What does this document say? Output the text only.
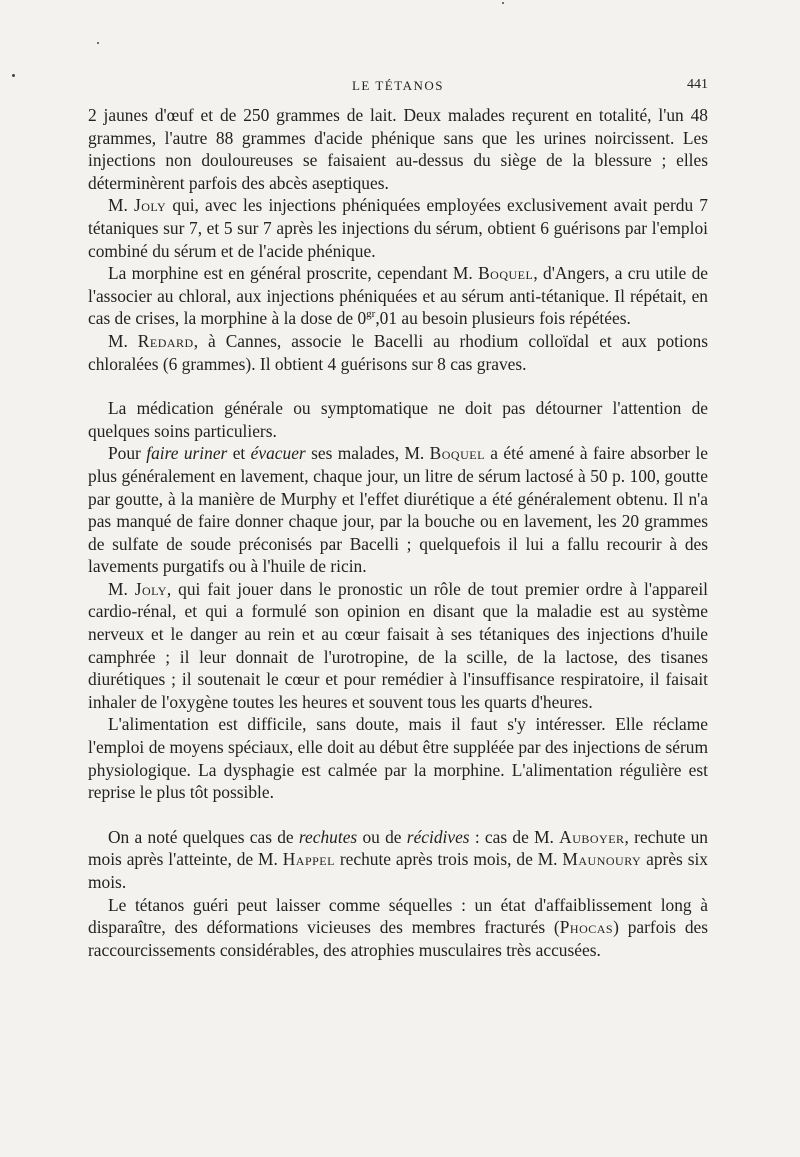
LE TÉTANOS	441

2 jaunes d'œuf et de 250 grammes de lait. Deux malades reçurent en totalité, l'un 48 grammes, l'autre 88 grammes d'acide phénique sans que les urines noircissent. Les injections non douloureuses se faisaient au-dessus du siège de la blessure ; elles déterminèrent parfois des abcès aseptiques.

M. Joly qui, avec les injections phéniquées employées exclusivement avait perdu 7 tétaniques sur 7, et 5 sur 7 après les injections du sérum, obtient 6 guérisons par l'emploi combiné du sérum et de l'acide phénique.

La morphine est en général proscrite, cependant M. Boquel, d'Angers, a cru utile de l'associer au chloral, aux injections phéniquées et au sérum anti-tétanique. Il répétait, en cas de crises, la morphine à la dose de $0^{gr},01$ au besoin plusieurs fois répétées.

M. Redard, à Cannes, associe le Bacelli au rhodium colloïdal et aux potions chloralées (6 grammes). Il obtient 4 guérisons sur 8 cas graves.

La médication générale ou symptomatique ne doit pas détourner l'attention de quelques soins particuliers.

Pour faire uriner et évacuer ses malades, M. Boquel a été amené à faire absorber le plus généralement en lavement, chaque jour, un litre de sérum lactosé à 50 p. 100, goutte par goutte, à la manière de Murphy et l'effet diurétique a été généralement obtenu. Il n'a pas manqué de faire donner chaque jour, par la bouche ou en lavement, les 20 grammes de sulfate de soude préconisés par Bacelli ; quelquefois il lui a fallu recourir à des lavements purgatifs ou à l'huile de ricin.

M. Joly, qui fait jouer dans le pronostic un rôle de tout premier ordre à l'appareil cardio-rénal, et qui a formulé son opinion en disant que la maladie est au système nerveux et le danger au rein et au cœur faisait à ses tétaniques des injections d'huile camphrée ; il leur donnait de l'urotropine, de la scille, de la lactose, des tisanes diurétiques ; il soutenait le cœur et pour remédier à l'insuffisance respiratoire, il faisait inhaler de l'oxygène toutes les heures et souvent tous les quarts d'heures.

L'alimentation est difficile, sans doute, mais il faut s'y intéresser. Elle réclame l'emploi de moyens spéciaux, elle doit au début être suppléée par des injections de sérum physiologique. La dysphagie est calmée par la morphine. L'alimentation régulière est reprise le plus tôt possible.

On a noté quelques cas de rechutes ou de récidives : cas de M. Auboyer, rechute un mois après l'atteinte, de M. Happel rechute après trois mois, de M. Maunoury après six mois.

Le tétanos guéri peut laisser comme séquelles : un état d'affaiblissement long à disparaître, des déformations vicieuses des membres fracturés (Phocas) parfois des raccourcissements considérables, des atrophies musculaires très accusées.
